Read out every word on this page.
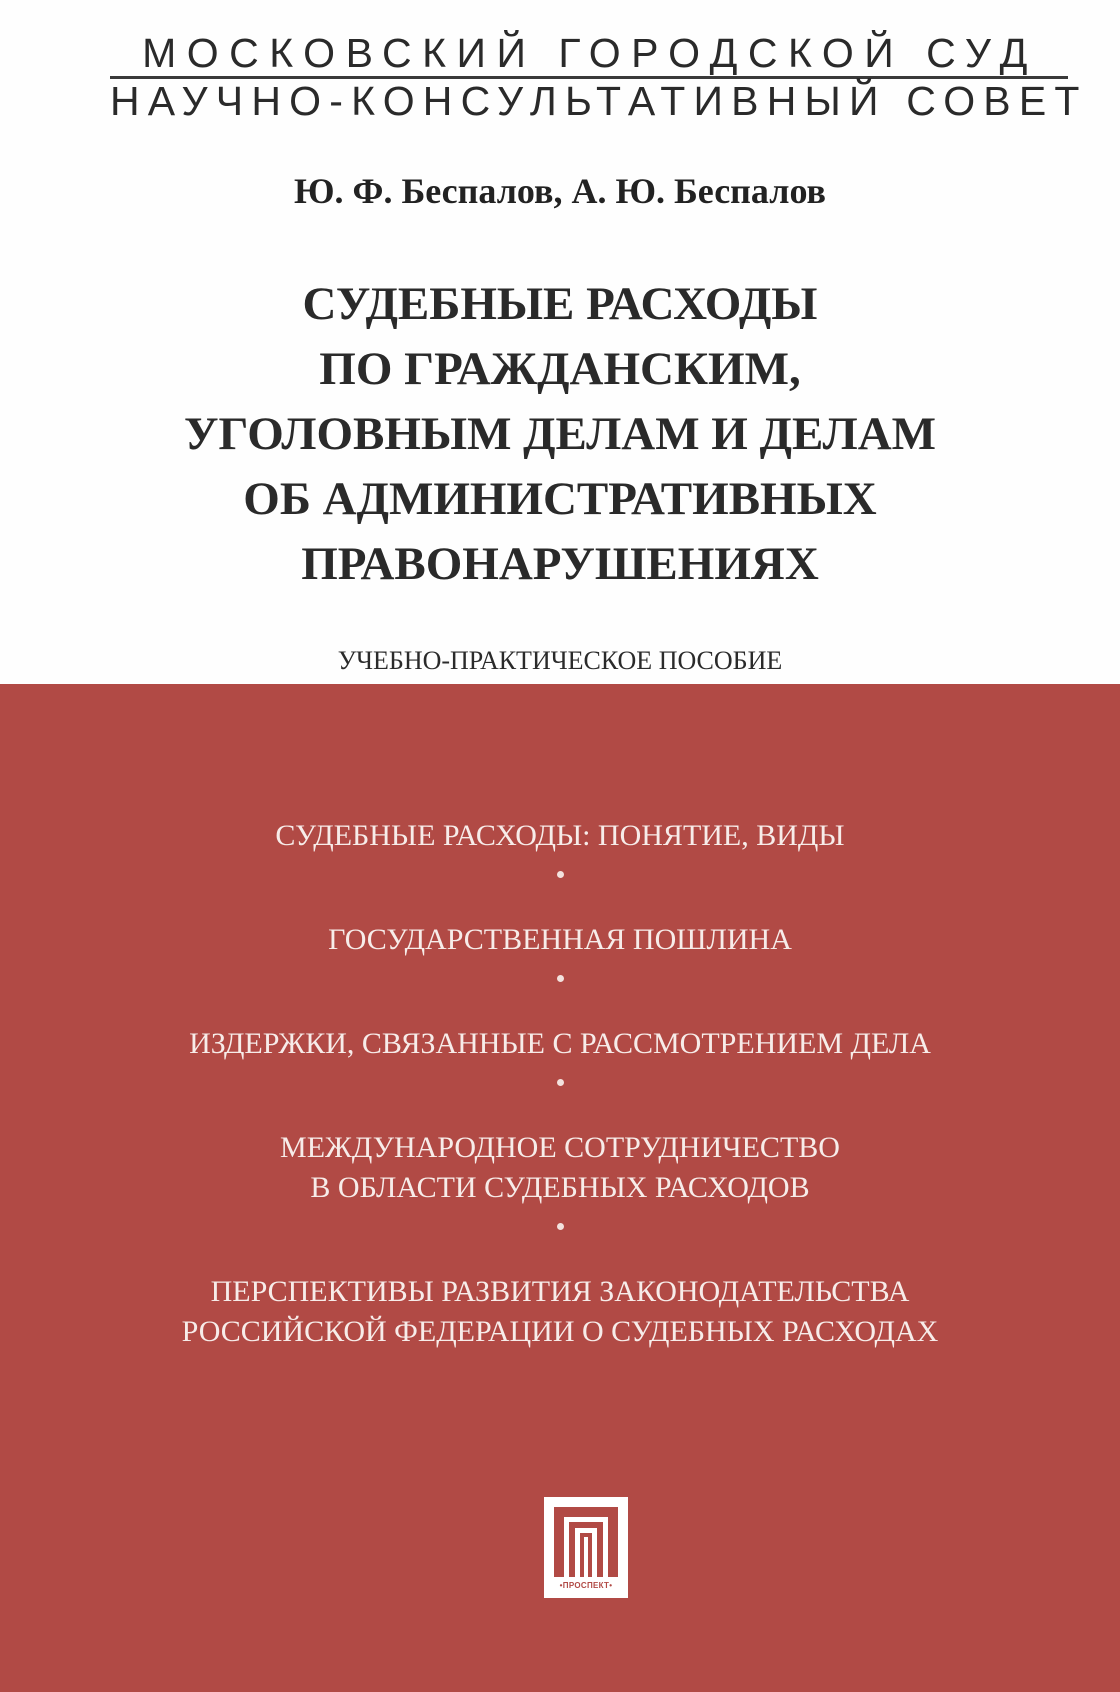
МОСКОВСКИЙ ГОРОДСКОЙ СУД
НАУЧНО-КОНСУЛЬТАТИВНЫЙ СОВЕТ
Ю. Ф. Беспалов, А. Ю. Беспалов
СУДЕБНЫЕ РАСХОДЫ
ПО ГРАЖДАНСКИМ,
УГОЛОВНЫМ ДЕЛАМ И ДЕЛАМ
ОБ АДМИНИСТРАТИВНЫХ
ПРАВОНАРУШЕНИЯХ
УЧЕБНО-ПРАКТИЧЕСКОЕ ПОСОБИЕ
СУДЕБНЫЕ РАСХОДЫ: ПОНЯТИЕ, ВИДЫ
ГОСУДАРСТВЕННАЯ ПОШЛИНА
ИЗДЕРЖКИ, СВЯЗАННЫЕ С РАССМОТРЕНИЕМ ДЕЛА
МЕЖДУНАРОДНОЕ СОТРУДНИЧЕСТВО
В ОБЛАСТИ СУДЕБНЫХ РАСХОДОВ
ПЕРСПЕКТИВЫ РАЗВИТИЯ ЗАКОНОДАТЕЛЬСТВА
РОССИЙСКОЙ ФЕДЕРАЦИИ О СУДЕБНЫХ РАСХОДАХ
•ПРОСПЕКТ•
